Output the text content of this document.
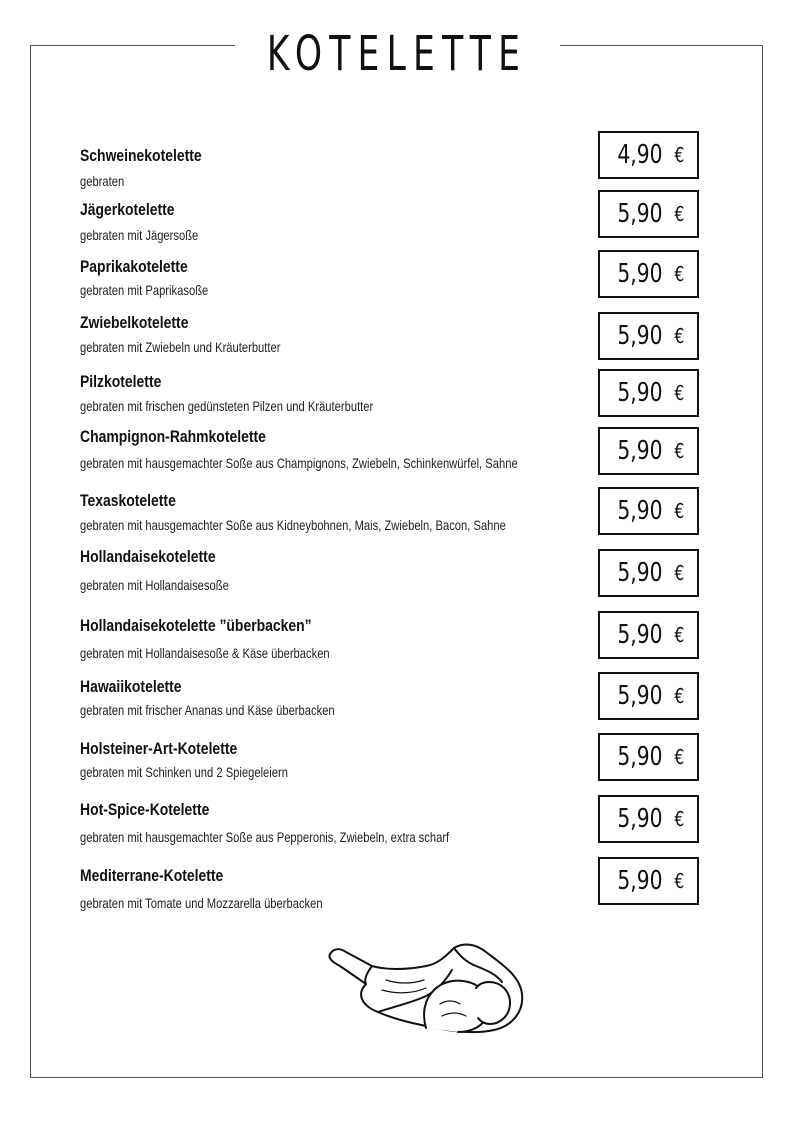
KOTELETTE
Schweinekotelette
gebraten
4,90 €
Jägerkotelette
gebraten mit Jägersoße
5,90 €
Paprikakotelette
gebraten mit Paprikasoße
5,90 €
Zwiebelkotelette
gebraten mit Zwiebeln und Kräuterbutter	5,90 €
Pilzkotelette
gebraten mit frischen gedünsteten Pilzen und Kräuterbutter	5,90 €
Champignon-Rahmkotelette
gebraten mit hausgemachter Soße aus Champignons, Zwiebeln, Schinkenwürfel, Sahne	5,90 €
Texaskotelette
gebraten mit hausgemachter Soße aus Kidneybohnen, Mais, Zwiebeln, Bacon, Sahne	5,90 €
Hollandaisekotelette
gebraten mit Hollandaisesoße	5,90 €
Hollandaisekotelette ”überbacken”
gebraten mit Hollandaisesoße & Käse überbacken
5,90 €
Hawaiikotelette
gebraten mit frischer Ananas und Käse überbacken	5,90 €
Holsteiner-Art-Kotelette
gebraten mit Schinken und 2 Spiegeleiern	5,90 €
Hot-Spice-Kotelette
gebraten mit hausgemachter Soße aus Pepperonis, Zwiebeln, extra scharf
5,90 €
Mediterrane-Kotelette
gebraten mit Tomate und Mozzarella überbacken
5,90 €
